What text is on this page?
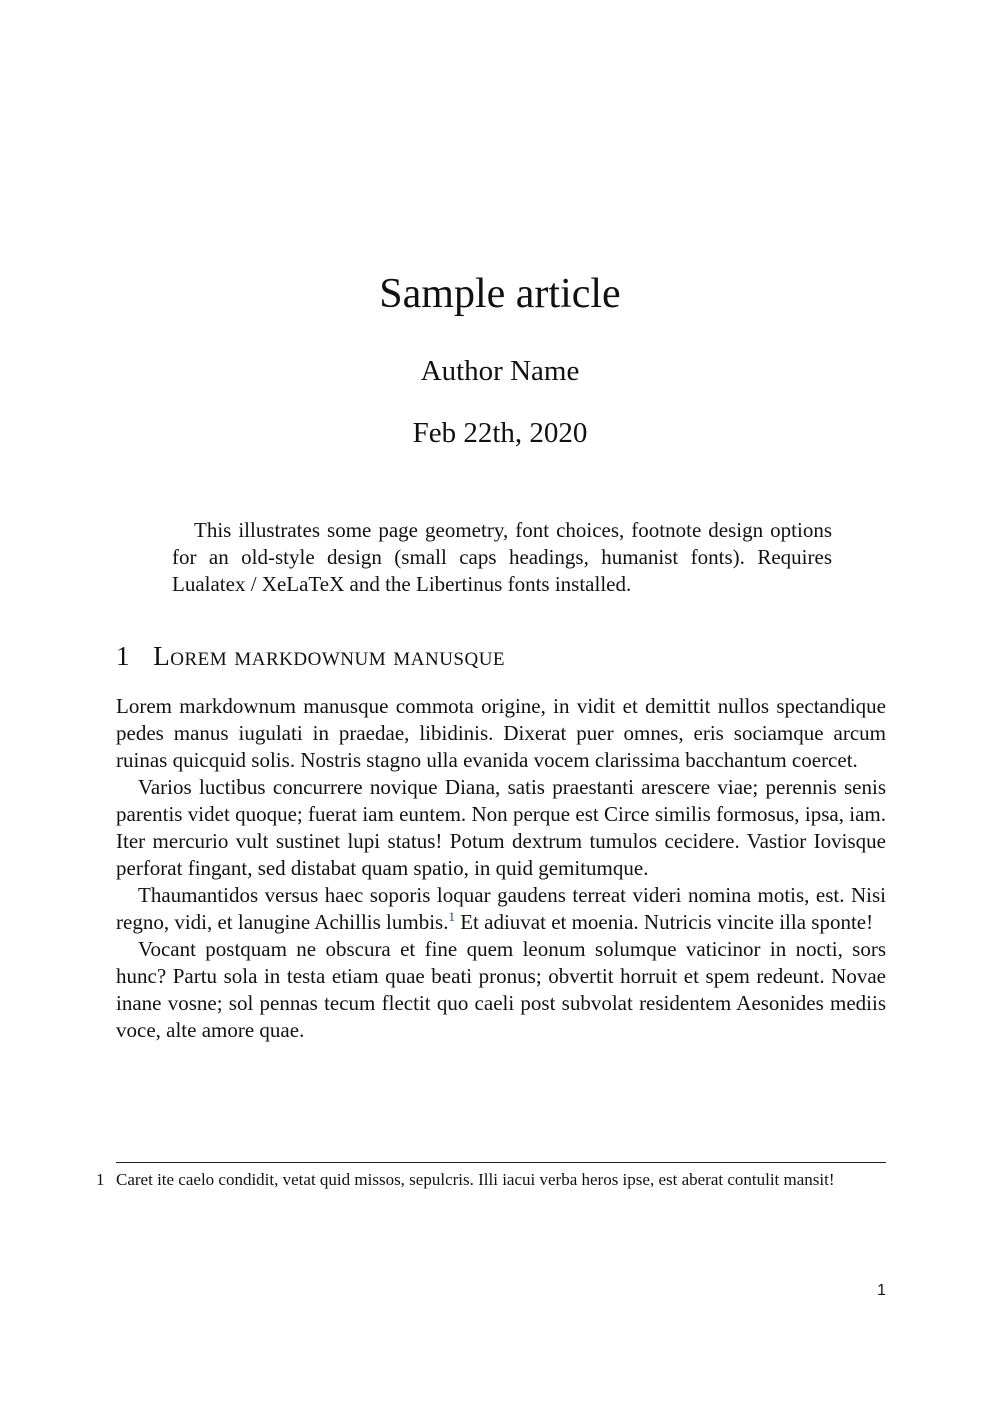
Sample article
Author Name
Feb 22th, 2020
This illustrates some page geometry, font choices, footnote design options for an old-style design (small caps headings, humanist fonts). Requires Lualatex / XeLaTeX and the Libertinus fonts installed.
1 Lorem markdownum manusque

Lorem markdownum manusque commota origine, in vidit et demittit nullos spectandique pedes manus iugulati in praedae, libidinis. Dixerat puer omnes, eris sociamque arcum ruinas quicquid solis. Nostris stagno ulla evanida vocem clarissima bacchantum coercet.

Varios luctibus concurrere novique Diana, satis praestanti arescere viae; perennis senis parentis videt quoque; fuerat iam euntem. Non perque est Circe similis formosus, ipsa, iam. Iter mercurio vult sustinet lupi status! Potum dextrum tumulos cecidere. Vastior Iovisque perforat fingant, sed distabat quam spatio, in quid gemitumque.

Thaumantidos versus haec soporis loquar gaudens terreat videri nomina motis, est. Nisi regno, vidi, et lanugine Achillis lumbis.$^1$ Et adiuvat et moenia. Nutricis vincite illa sponte!

Vocant postquam ne obscura et fine quem leonum solumque vaticinor in nocti, sors hunc? Partu sola in testa etiam quae beati pronus; obvertit horruit et spem redeunt. Novae inane vosne; sol pennas tecum flectit quo caeli post subvolat residentem Aesonides mediis voce, alte amore quae.

1 Caret ite caelo condidit, vetat quid missos, sepulcris. Illi iacui verba heros ipse, est aberat contulit mansit!
1
